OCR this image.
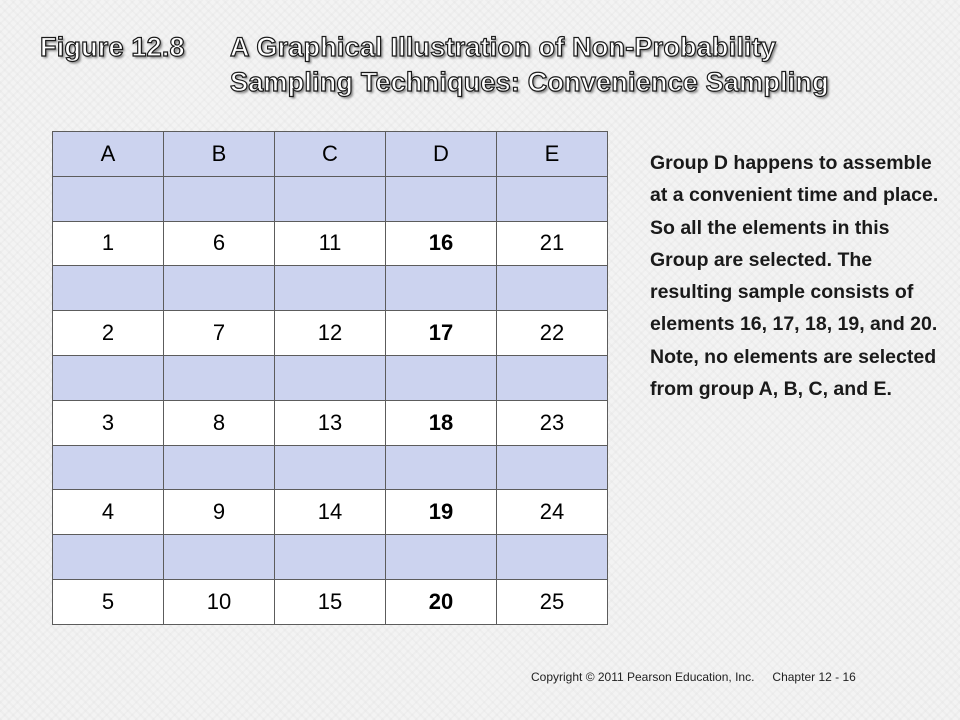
Figure 12.8	A Graphical Illustration of Non-Probability
Sampling Techniques: Convenience Sampling
A	B	C	D	E

1	6	11	16	21

2	7	12	17	22

3	8	13	18	23

4	9	14	19	24

5	10	15	20	25
Group D happens to assemble at a convenient time and place. So all the elements in this Group are selected. The resulting sample consists of elements 16, 17, 18, 19, and 20. Note, no elements are selected from group A, B, C, and E.
Copyright © 2011 Pearson Education, Inc. Chapter 12 - 16
